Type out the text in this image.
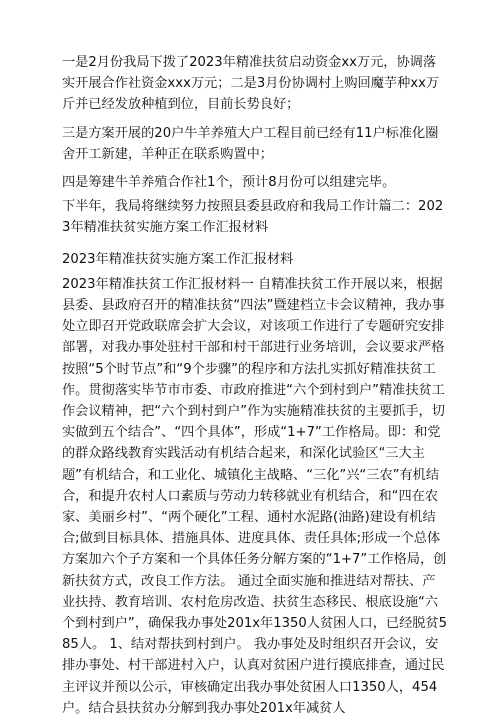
一是2月份我局下拨了2023年精准扶贫启动资金xx万元，协调落实开展合作社资金xxx万元；二是3月份协调村上购回魔芋种xx万斤并已经发放种植到位，目前长势良好；

三是方案开展的20户牛羊养殖大户工程目前已经有11户标准化圈舍开工新建，羊种正在联系购置中；

四是筹建牛羊养殖合作社1个，预计8月份可以组建完毕。

下半年，我局将继续努力按照县委县政府和我局工作计篇二：2023年精准扶贫实施方案工作汇报材料

2023年精准扶贫实施方案工作汇报材料

2023年精准扶贫工作汇报材料一 自精准扶贫工作开展以来，根据县委、县政府召开的精准扶贫“四法”暨建档立卡会议精神，我办事处立即召开党政联席会扩大会议，对该项工作进行了专题研究安排部署，对我办事处驻村干部和村干部进行业务培训，会议要求严格按照“5个时节点”和“9个步骤”的程序和方法扎实抓好精准扶贫工作。贯彻落实毕节市市委、市政府推进“六个到村到户”精准扶贫工作会议精神，把“六个到村到户”作为实施精准扶贫的主要抓手，切实做到五个结合”、“四个具体”，形成“1+7”工作格局。即：和党的群众路线教育实践活动有机结合起来，和深化试验区“三大主题”有机结合，和工业化、城镇化主战略、“三化”兴“三农”有机结合，和提升农村人口素质与劳动力转移就业有机结合，和“四在农家、美丽乡村”、“两个硬化”工程、通村水泥路(油路)建设有机结合;做到目标具体、措施具体、进度具体、责任具体;形成一个总体方案加六个子方案和一个具体任务分解方案的“1+7”工作格局，创新扶贫方式，改良工作方法。 通过全面实施和推进结对帮扶、产业扶持、教育培训、农村危房改造、扶贫生态移民、根底设施“六个到村到户”，确保我办事处201x年1350人贫困人口，已经脱贫585人。 1、结对帮扶到村到户。 我办事处及时组织召开会议，安排办事处、村干部进村入户，认真对贫困户进行摸底排查，通过民主评议并预以公示，审核确定出我办事处贫困人口1350人，454户。结合县扶贫办分解到我办事处201x年减贫人
